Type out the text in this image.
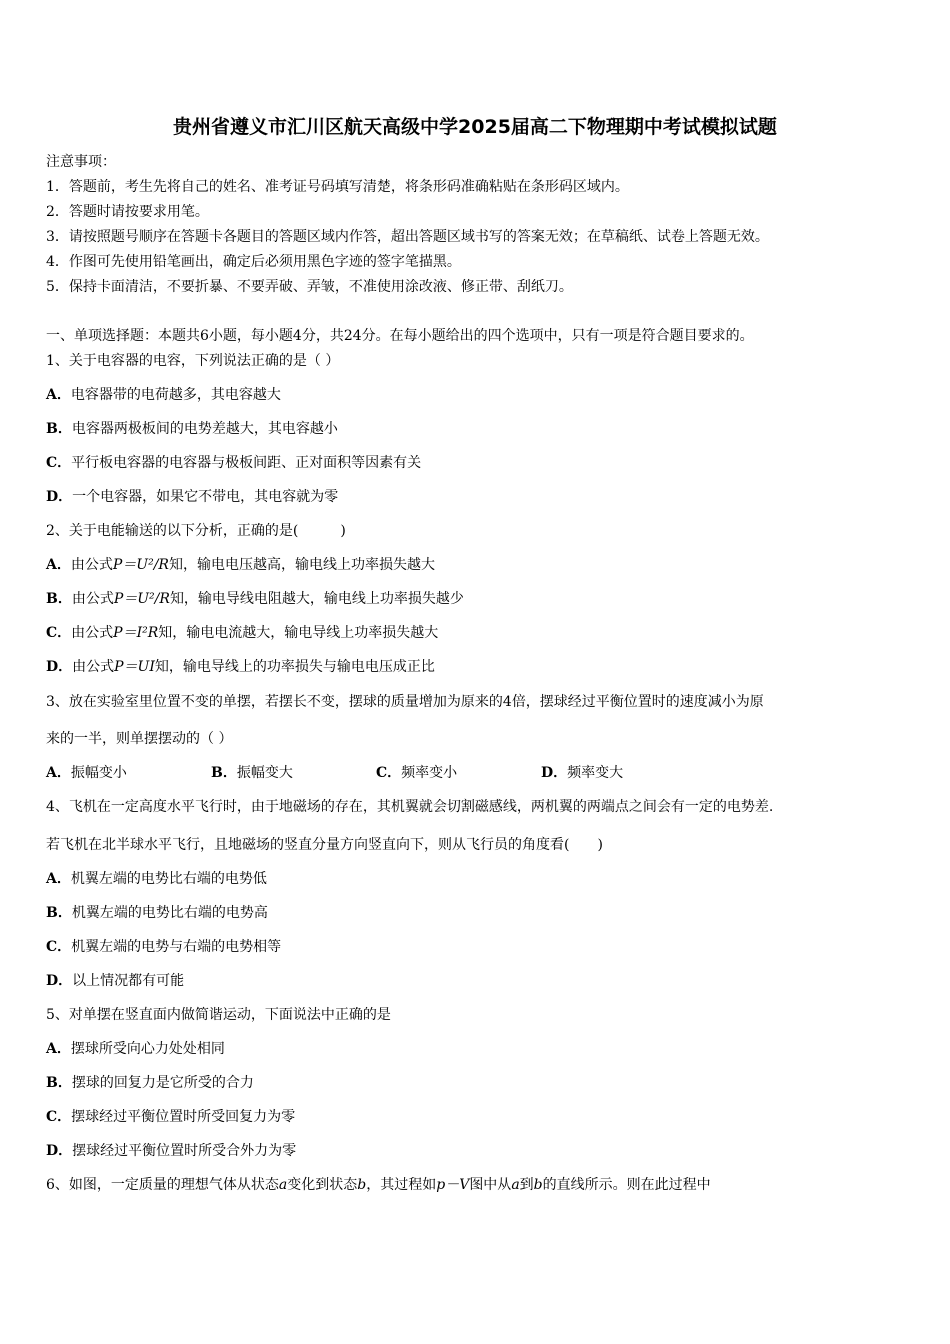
贵州省遵义市汇川区航天高级中学2025届高二下物理期中考试模拟试题
注意事项：
1．答题前，考生先将自己的姓名、准考证号码填写清楚，将条形码准确粘贴在条形码区域内。
2．答题时请按要求用笔。
3．请按照题号顺序在答题卡各题目的答题区域内作答，超出答题区域书写的答案无效；在草稿纸、试卷上答题无效。
4．作图可先使用铅笔画出，确定后必须用黑色字迹的签字笔描黑。
5．保持卡面清洁，不要折暴、不要弄破、弄皱，不准使用涂改液、修正带、刮纸刀。
一、单项选择题：本题共6小题，每小题4分，共24分。在每小题给出的四个选项中，只有一项是符合题目要求的。
1、关于电容器的电容，下列说法正确的是（ ）
A．电容器带的电荷越多，其电容越大
B．电容器两极板间的电势差越大，其电容越小
C．平行板电容器的电容器与极板间距、正对面积等因素有关
D．一个电容器，如果它不带电，其电容就为零
2、关于电能输送的以下分析，正确的是(　　　)
A．由公式P＝U²/R知，输电电压越高，输电线上功率损失越大
B．由公式P＝U²/R知，输电导线电阻越大，输电线上功率损失越少
C．由公式P＝I²R知，输电电流越大，输电导线上功率损失越大
D．由公式P＝UI知，输电导线上的功率损失与输电电压成正比
3、放在实验室里位置不变的单摆，若摆长不变，摆球的质量增加为原来的4倍，摆球经过平衡位置时的速度减小为原
来的一半，则单摆摆动的（ ）
A．振幅变小	B．振幅变大	C．频率变小	D．频率变大
4、飞机在一定高度水平飞行时，由于地磁场的存在，其机翼就会切割磁感线，两机翼的两端点之间会有一定的电势差.
若飞机在北半球水平飞行，且地磁场的竖直分量方向竖直向下，则从飞行员的角度看(　　)
A．机翼左端的电势比右端的电势低
B．机翼左端的电势比右端的电势高
C．机翼左端的电势与右端的电势相等
D．以上情况都有可能
5、对单摆在竖直面内做简谐运动，下面说法中正确的是
A．摆球所受向心力处处相同
B．摆球的回复力是它所受的合力
C．摆球经过平衡位置时所受回复力为零
D．摆球经过平衡位置时所受合外力为零
6、如图，一定质量的理想气体从状态a变化到状态b，其过程如p－V图中从a到b的直线所示。则在此过程中
